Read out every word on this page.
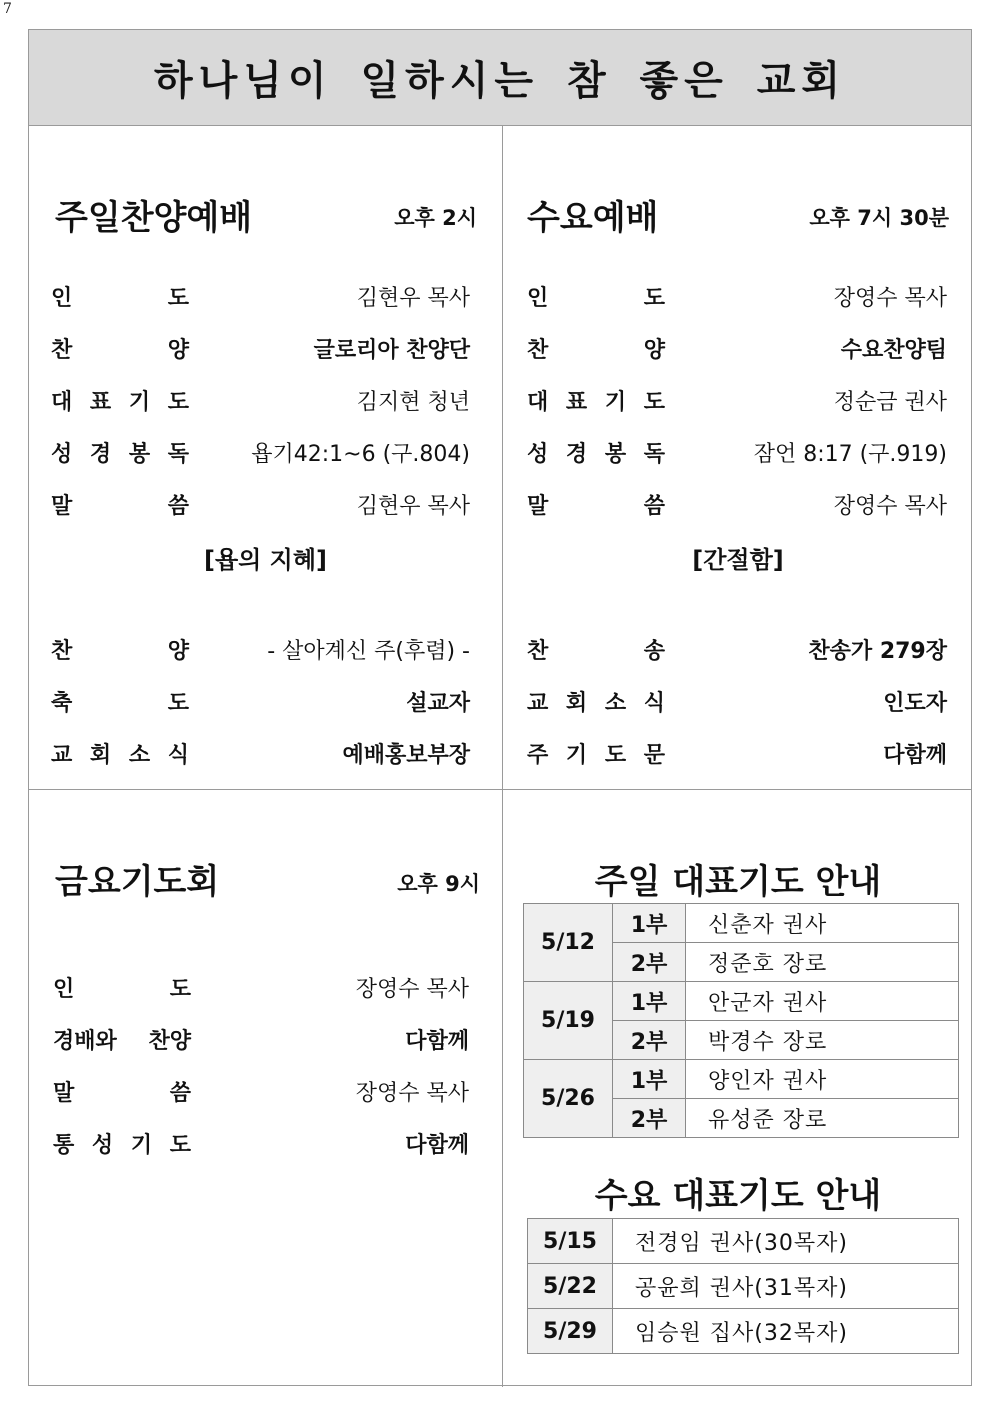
7
하나님이 일하시는 참 좋은 교회
주일찬양예배	오후 2시
인	도	김현우 목사
찬	양	글로리아 찬양단
대 표 기 도	김지현 청년
성 경 봉 독	욥기42:1~6 (구.804)
말	씀	김현우 목사
[욥의 지혜]
찬	양	- 살아계신 주(후렴) -
축	도	설교자
교 회 소 식	예배홍보부장
수요예배	오후 7시 30분
인	도	장영수 목사
찬	양	수요찬양팀
대 표 기 도	정순금 권사
성 경 봉 독	잠언 8:17 (구.919)
말	씀	장영수 목사
[간절함]
찬	송	찬송가 279장
교 회 소 식	인도자
주 기 도 문	다함께
금요기도회	오후 9시
인	도	장영수 목사
경배와 찬양	다함께
말	씀	장영수 목사
통 성 기 도	다함께
주일 대표기도 안내
5/12	1부	신춘자 권사
	2부	정준호 장로
5/19	1부	안군자 권사
	2부	박경수 장로
5/26	1부	양인자 권사
	2부	유성준 장로
수요 대표기도 안내
5/15	전경임 권사(30목자)
5/22	공윤희 권사(31목자)
5/29	임승원 집사(32목자)
